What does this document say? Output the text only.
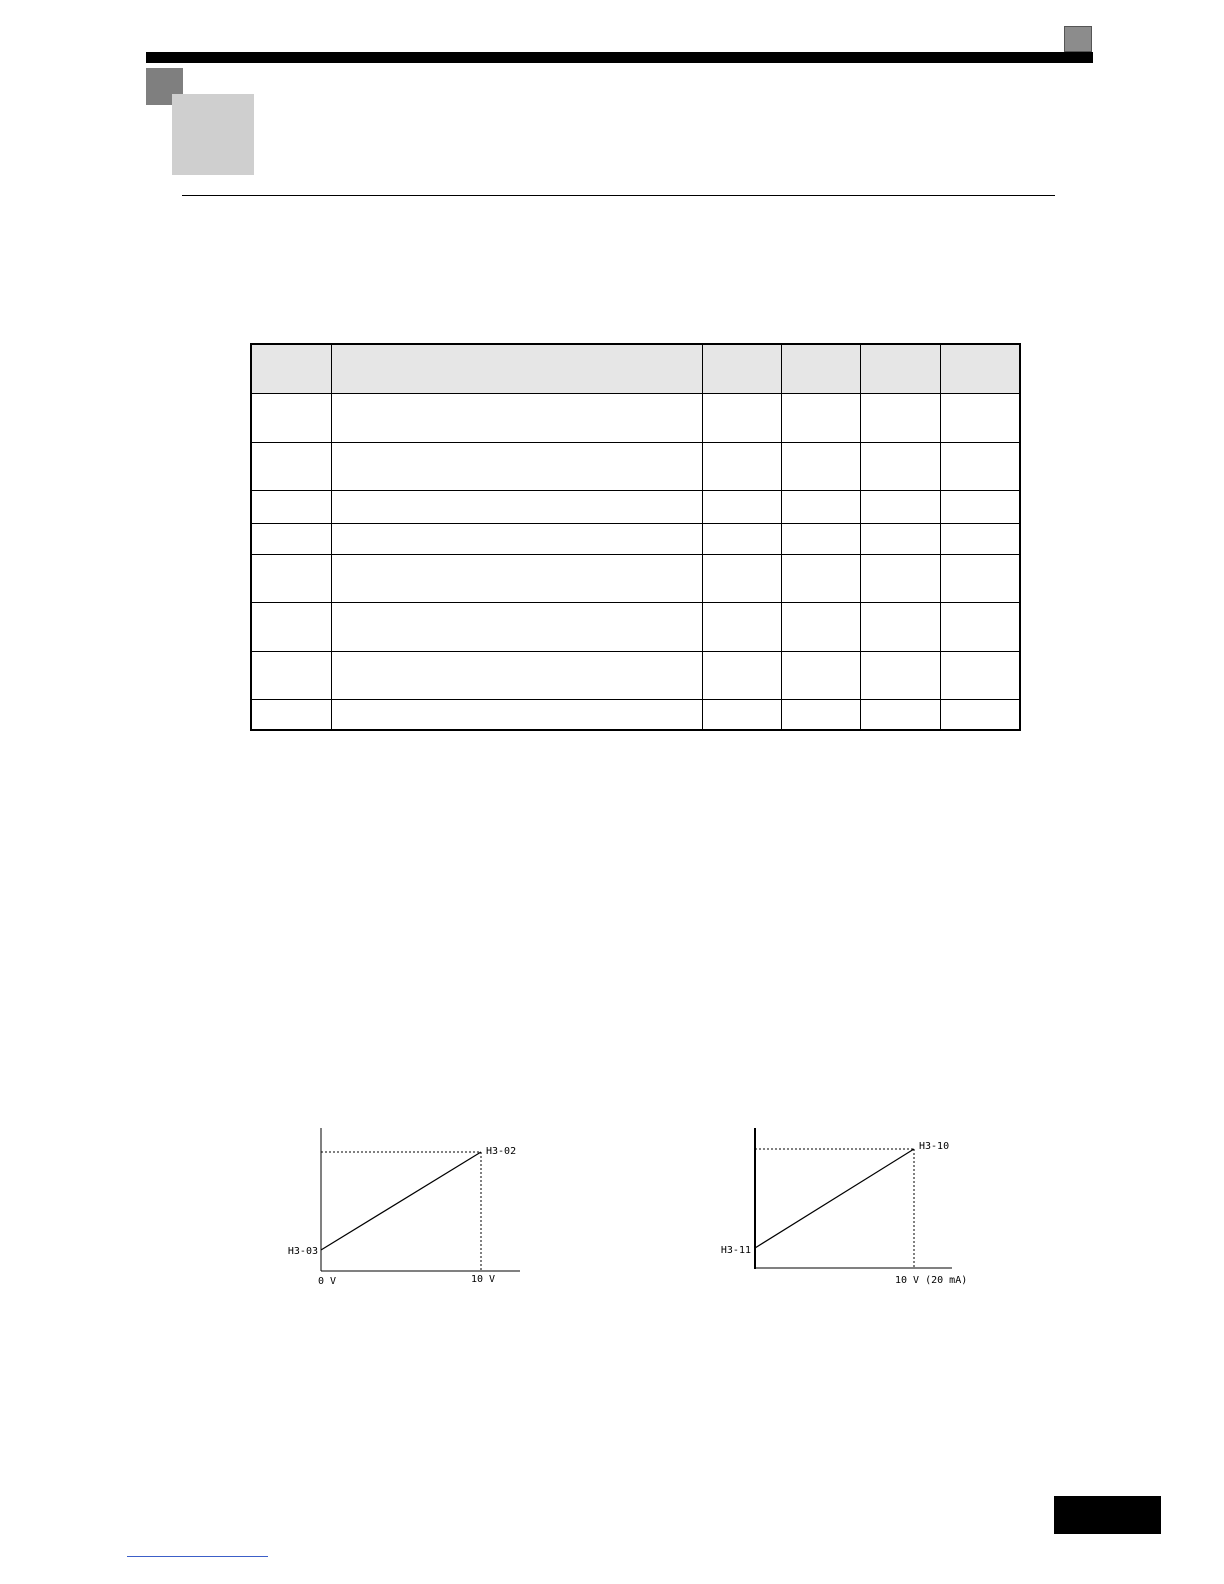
H3-02
H3-03
0 V	10 V
H3-10
H3-11
10 V (20 mA)
